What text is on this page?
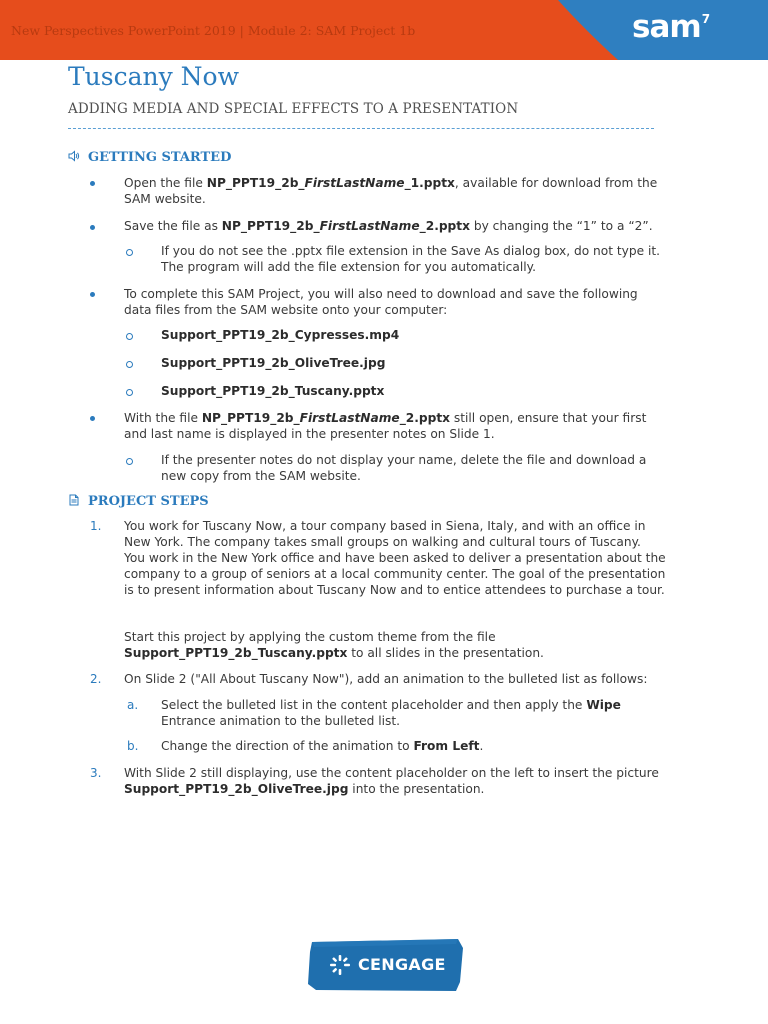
New Perspectives PowerPoint 2019 | Module 2: SAM Project 1b	sam$^7$
Tuscany Now
ADDING MEDIA AND SPECIAL EFFECTS TO A PRESENTATION
GETTING STARTED
Open the file NP_PPT19_2b_FirstLastName_1.pptx, available for download from the
SAM website.
Save the file as NP_PPT19_2b_FirstLastName_2.pptx by changing the “1” to a “2”.
If you do not see the .pptx file extension in the Save As dialog box, do not type it.
The program will add the file extension for you automatically.
To complete this SAM Project, you will also need to download and save the following
data files from the SAM website onto your computer:
Support_PPT19_2b_Cypresses.mp4
Support_PPT19_2b_OliveTree.jpg
Support_PPT19_2b_Tuscany.pptx
With the file NP_PPT19_2b_FirstLastName_2.pptx still open, ensure that your first
and last name is displayed in the presenter notes on Slide 1.
If the presenter notes do not display your name, delete the file and download a
new copy from the SAM website.
PROJECT STEPS
1. You work for Tuscany Now, a tour company based in Siena, Italy, and with an office in
New York. The company takes small groups on walking and cultural tours of Tuscany.
You work in the New York office and have been asked to deliver a presentation about the
company to a group of seniors at a local community center. The goal of the presentation
is to present information about Tuscany Now and to entice attendees to purchase a tour.
Start this project by applying the custom theme from the file
Support_PPT19_2b_Tuscany.pptx to all slides in the presentation.
2. On Slide 2 ("All About Tuscany Now"), add an animation to the bulleted list as follows:
a. Select the bulleted list in the content placeholder and then apply the Wipe
Entrance animation to the bulleted list.
b. Change the direction of the animation to From Left.
3. With Slide 2 still displaying, use the content placeholder on the left to insert the picture
Support_PPT19_2b_OliveTree.jpg into the presentation.
CENGAGE
